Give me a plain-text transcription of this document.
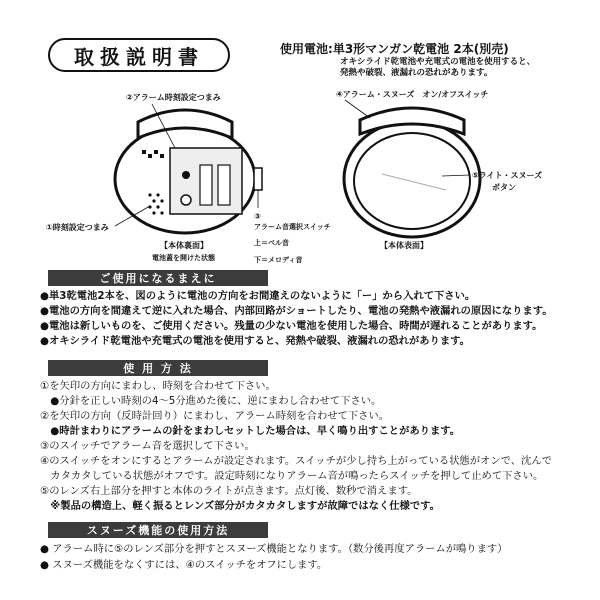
取扱説明書	使用電池:単3形マンガン乾電池 2本(別売)
オキシライド乾電池や充電式の電池を使用すると、
発熱や破裂、液漏れの恐れがあります。
②アラーム時刻設定つまみ
①時刻設定つまみ
③
アラーム音選択スイッチ
上＝ベル音
下＝メロディ音
【本体裏面】
電池蓋を開けた状態
④アラーム・スヌーズ　オン/オフスイッチ
⑤ライト・スヌーズ
ボタン
【本体表面】
ご使用になるまえに
●単3乾電池2本を、図のように電池の方向をお間違えのないように「ー」から入れて下さい。
●電池の方向を間違えて逆に入れた場合、内部回路がショートしたり、電池の発熱や液漏れの原因になります。
●電池は新しいものを、ご使用ください。残量の少ない電池を使用した場合、時間が遅れることがあります。
●オキシライド乾電池や充電式の電池を使用すると、発熱や破裂、液漏れの恐れがあります。
使 用 方 法
①を矢印の方向にまわし、時刻を合わせて下さい。
　●分針を正しい時刻の4～5分進めた後に、逆にまわし合わせて下さい。
②を矢印の方向（反時計回り）にまわし、アラーム時刻を合わせて下さい。
　●時計まわりにアラームの針をまわしセットした場合は、早く鳴り出すことがあります。
③のスイッチでアラーム音を選択して下さい。
④のスイッチをオンにするとアラームが設定されます。スイッチが少し持ち上がっている状態がオンで、沈んで
　カタカタしている状態がオフです。設定時刻になりアラーム音が鳴ったらスイッチを押して止めて下さい。
⑤のレンズ右上部分を押すと本体のライトが点きます。点灯後、数秒で消えます。
　※製品の構造上、軽く振るとレンズ部分がカタカタしますが故障ではなく仕様です。
スヌーズ機能の使用方法
● アラーム時に⑤のレンズ部分を押すとスヌーズ機能となります。（数分後再度アラームが鳴ります）
● スヌーズ機能をなくすには、④のスイッチをオフにします。
